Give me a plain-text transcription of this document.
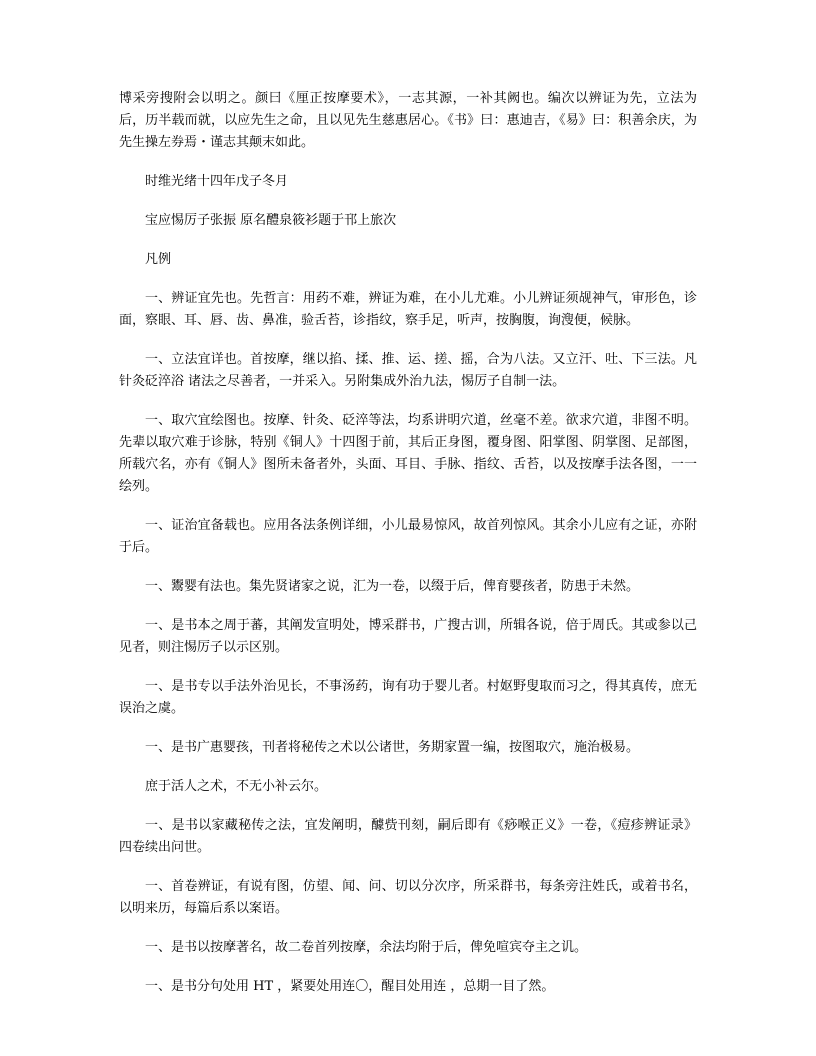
博采旁搜附会以明之。颜曰《厘正按摩要术》，一志其源，一补其阙也。编次以辨证为先，立法为后，历半载而就，以应先生之命，且以见先生慈惠居心。《书》曰：惠迪吉，《易》曰：积善余庆，为先生操左券焉・谨志其颠末如此。

时维光绪十四年戊子冬月

宝应惕厉子张振 原名醴泉筱衫题于邗上旅次

凡例

一、辨证宜先也。先哲言：用药不难，辨证为难，在小儿尤难。小儿辨证须觇神气，审形色，诊面，察眼、耳、唇、齿、鼻准，验舌苔，诊指纹，察手足，听声，按胸腹，询溲便，候脉。

一、立法宜详也。首按摩，继以掐、揉、推、运、搓、摇，合为八法。又立汗、吐、下三法。凡针灸砭淬浴 诸法之尽善者，一并采入。另附集成外治九法，惕厉子自制一法。

一、取穴宜绘图也。按摩、针灸、砭淬等法，均系讲明穴道，丝毫不差。欲求穴道，非图不明。先辈以取穴难于诊脉，特别《铜人》十四图于前，其后正身图，覆身图、阳掌图、阴掌图、足部图，所载穴名，亦有《铜人》图所未备者外，头面、耳目、手脉、指纹、舌苔，以及按摩手法各图，一一绘列。

一、证治宜备载也。应用各法条例详细，小儿最易惊风，故首列惊风。其余小儿应有之证，亦附于后。

一、鬻婴有法也。集先贤诸家之说，汇为一卷，以缀于后，俾育婴孩者，防患于未然。

一、是书本之周于蕃，其阐发宣明处，博采群书，广搜古训，所辑各说，倍于周氏。其或参以己见者，则注惕厉子以示区别。

一、是书专以手法外治见长，不事汤药，询有功于婴儿者。村妪野叟取而习之，得其真传，庶无误治之虞。

一、是书广惠婴孩，刊者将秘传之术以公诸世，务期家置一编，按图取穴，施治极易。

庶于活人之术，不无小补云尔。

一、是书以家藏秘传之法，宜发阐明，醵赀刊刻，嗣后即有《痧喉正义》一卷，《痘疹辨证录》四卷续出问世。

一、首卷辨证，有说有图，仿望、闻、问、切以分次序，所采群书，每条旁注姓氏，或着书名，以明来历，每篇后系以案语。

一、是书以按摩著名，故二卷首列按摩，余法均附于后，俾免喧宾夺主之讥。

一、是书分句处用 HT ，紧要处用连〇，醒目处用连 ，总期一目了然。
